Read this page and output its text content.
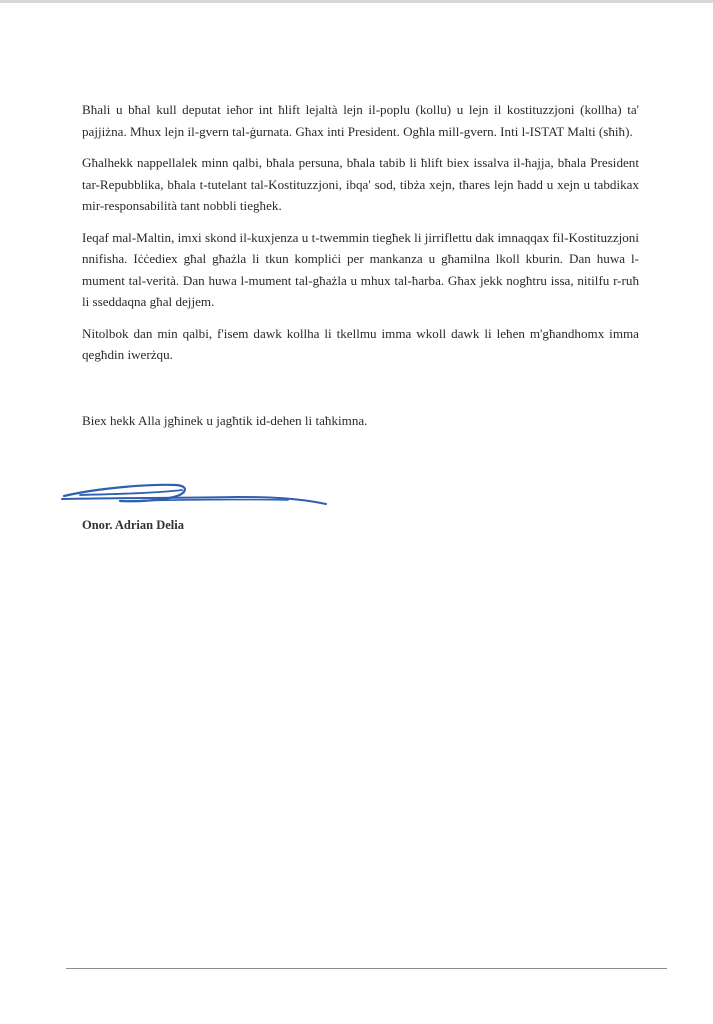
Bħali u bħal kull deputat ieħor int ħlift lejaltà lejn il-poplu (kollu) u lejn il kostituzzjoni (kollha) ta' pajjiżna. Mhux lejn il-gvern tal-ġurnata. Għax inti President. Ogħla mill-gvern. Inti l-ISTAT Malti (sħiħ).

Għalhekk nappellalek minn qalbi, bħala persuna, bħala tabib li ħlift biex issalva il-ħajja, bħala President tar-Repubblika, bħala t-tutelant tal-Kostituzzjoni, ibqa' sod, tibża xejn, tħares lejn ħadd u xejn u tabdikax mir-responsabilità tant nobbli tiegħek.

Ieqaf mal-Maltin, imxi skond il-kuxjenza u t-twemmin tiegħek li jirriflettu dak imnaqqax fil-Kostituzzjoni nnifisha. Iċċediex għal għażla li tkun kompliċi per mankanza u għamilna lkoll kburin. Dan huwa l-mument tal-verità. Dan huwa l-mument tal-għażla u mhux tal-ħarba. Għax jekk nogħtru issa, nitilfu r-ruħ li sseddaqna għal dejjem.

Nitolbok dan min qalbi, f'isem dawk kollha li tkellmu imma wkoll dawk li leħen m'għandhomx imma qegħdin iwerżqu.

Biex hekk Alla jgħinek u jagħtik id-dehen li taħkimna.
Onor. Adrian Delia
